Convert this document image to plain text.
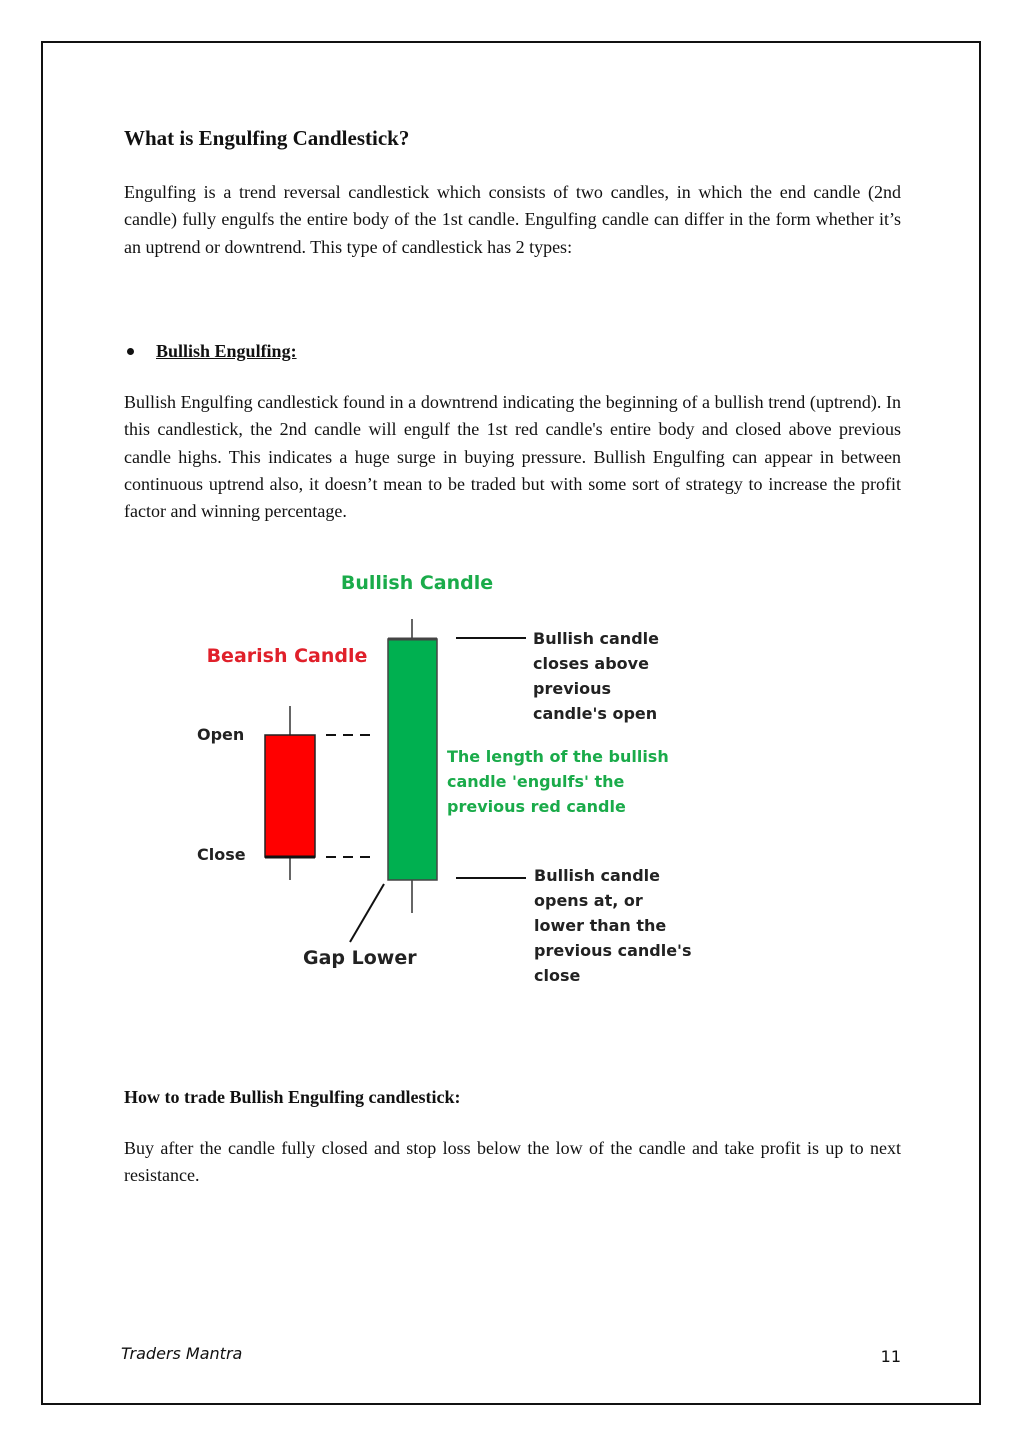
What is Engulfing Candlestick?

Engulfing is a trend reversal candlestick which consists of two candles, in which the end candle (2nd candle) fully engulfs the entire body of the 1st candle. Engulfing candle can differ in the form whether it’s an uptrend or downtrend. This type of candlestick has 2 types:

Bullish Engulfing:

Bullish Engulfing candlestick found in a downtrend indicating the beginning of a bullish trend (uptrend). In this candlestick, the 2nd candle will engulf the 1st red candle's entire body and closed above previous candle highs. This indicates a huge surge in buying pressure. Bullish Engulfing can appear in between continuous uptrend also, it doesn’t mean to be traded but with some sort of strategy to increase the profit factor and winning percentage.

Bullish Candle
Bearish Candle
Open
Close
Bullish candle
closes above
previous
candle's open
The length of the bullish
candle 'engulfs' the
previous red candle
Bullish candle
opens at, or
lower than the
previous candle's
close
Gap Lower
How to trade Bullish Engulfing candlestick:

Buy after the candle fully closed and stop loss below the low of the candle and take profit is up to next resistance.

Traders Mantra	11
